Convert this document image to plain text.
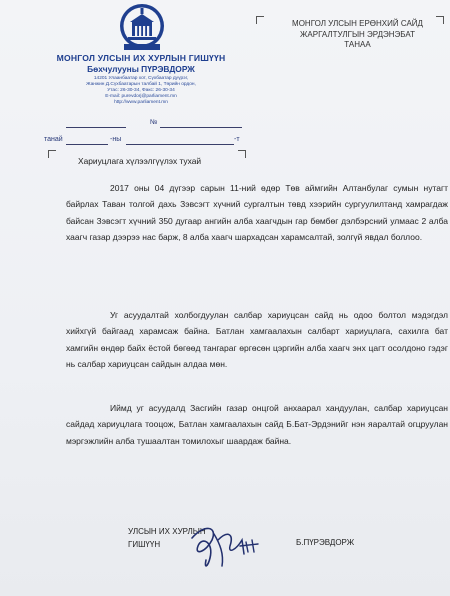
МОНГОЛ УЛСЫН ИХ ХУРЛЫН ГИШҮҮН
Бөхчулууны ПҮРЭВДОРЖ
14201 Улаанбаатар хот, Сүхбаатар дүүрэг,
Жанжин Д.Сүхбаатарын талбай 1, Төрийн ордон,
Утас: 26-30-34, Факс: 26-30-34
E-mail: purevdorj@parliament.mn
http://www.parliament.mn
№
танай	-ны	-т
МОНГОЛ УЛСЫН ЕРӨНХИЙ САЙД
ЖАРГАЛТУЛГЫН ЭРДЭНЭБАТ
ТАНАА
Хариуцлага хүлээлгүүлэх тухай
2017 оны 04 дүгээр сарын 11-ний өдөр Төв аймгийн Алтанбулаг сумын нутагт байрлах Таван толгой дахь Зэвсэгт хүчний сургалтын төвд хээрийн сургуулилтанд хамрагдаж байсан Зэвсэгт хүчний 350 дугаар ангийн алба хаагчдын гар бөмбөг дэлбэрсний улмаас 2 алба хаагч газар дээрээ нас барж, 8 алба хаагч шархадсан харамсалтай, золгүй явдал боллоо.
Уг асуудалтай холбогдуулан салбар хариуцсан сайд нь одоо болтол мэдэгдэл хийхгүй байгаад харамсаж байна. Батлан хамгаалахын салбарт хариуцлага, сахилга бат хамгийн өндөр байх ёстой бөгөөд тангараг өргөсөн цэргийн алба хаагч энх цагт осолдоно гэдэг нь салбар хариуцсан сайдын алдаа мөн.
Иймд уг асуудалд Засгийн газар онцгой анхаарал хандуулан, салбар хариуцсан сайдад хариуцлага тооцож, Батлан хамгаалахын сайд Б.Бат-Эрдэнийг нэн яаралтай огцруулан мэргэжлийн алба тушаалтан томилохыг шаардаж байна.
УЛСЫН ИХ ХУРЛЫН
ГИШҮҮН	Б.ПҮРЭВДОРЖ
